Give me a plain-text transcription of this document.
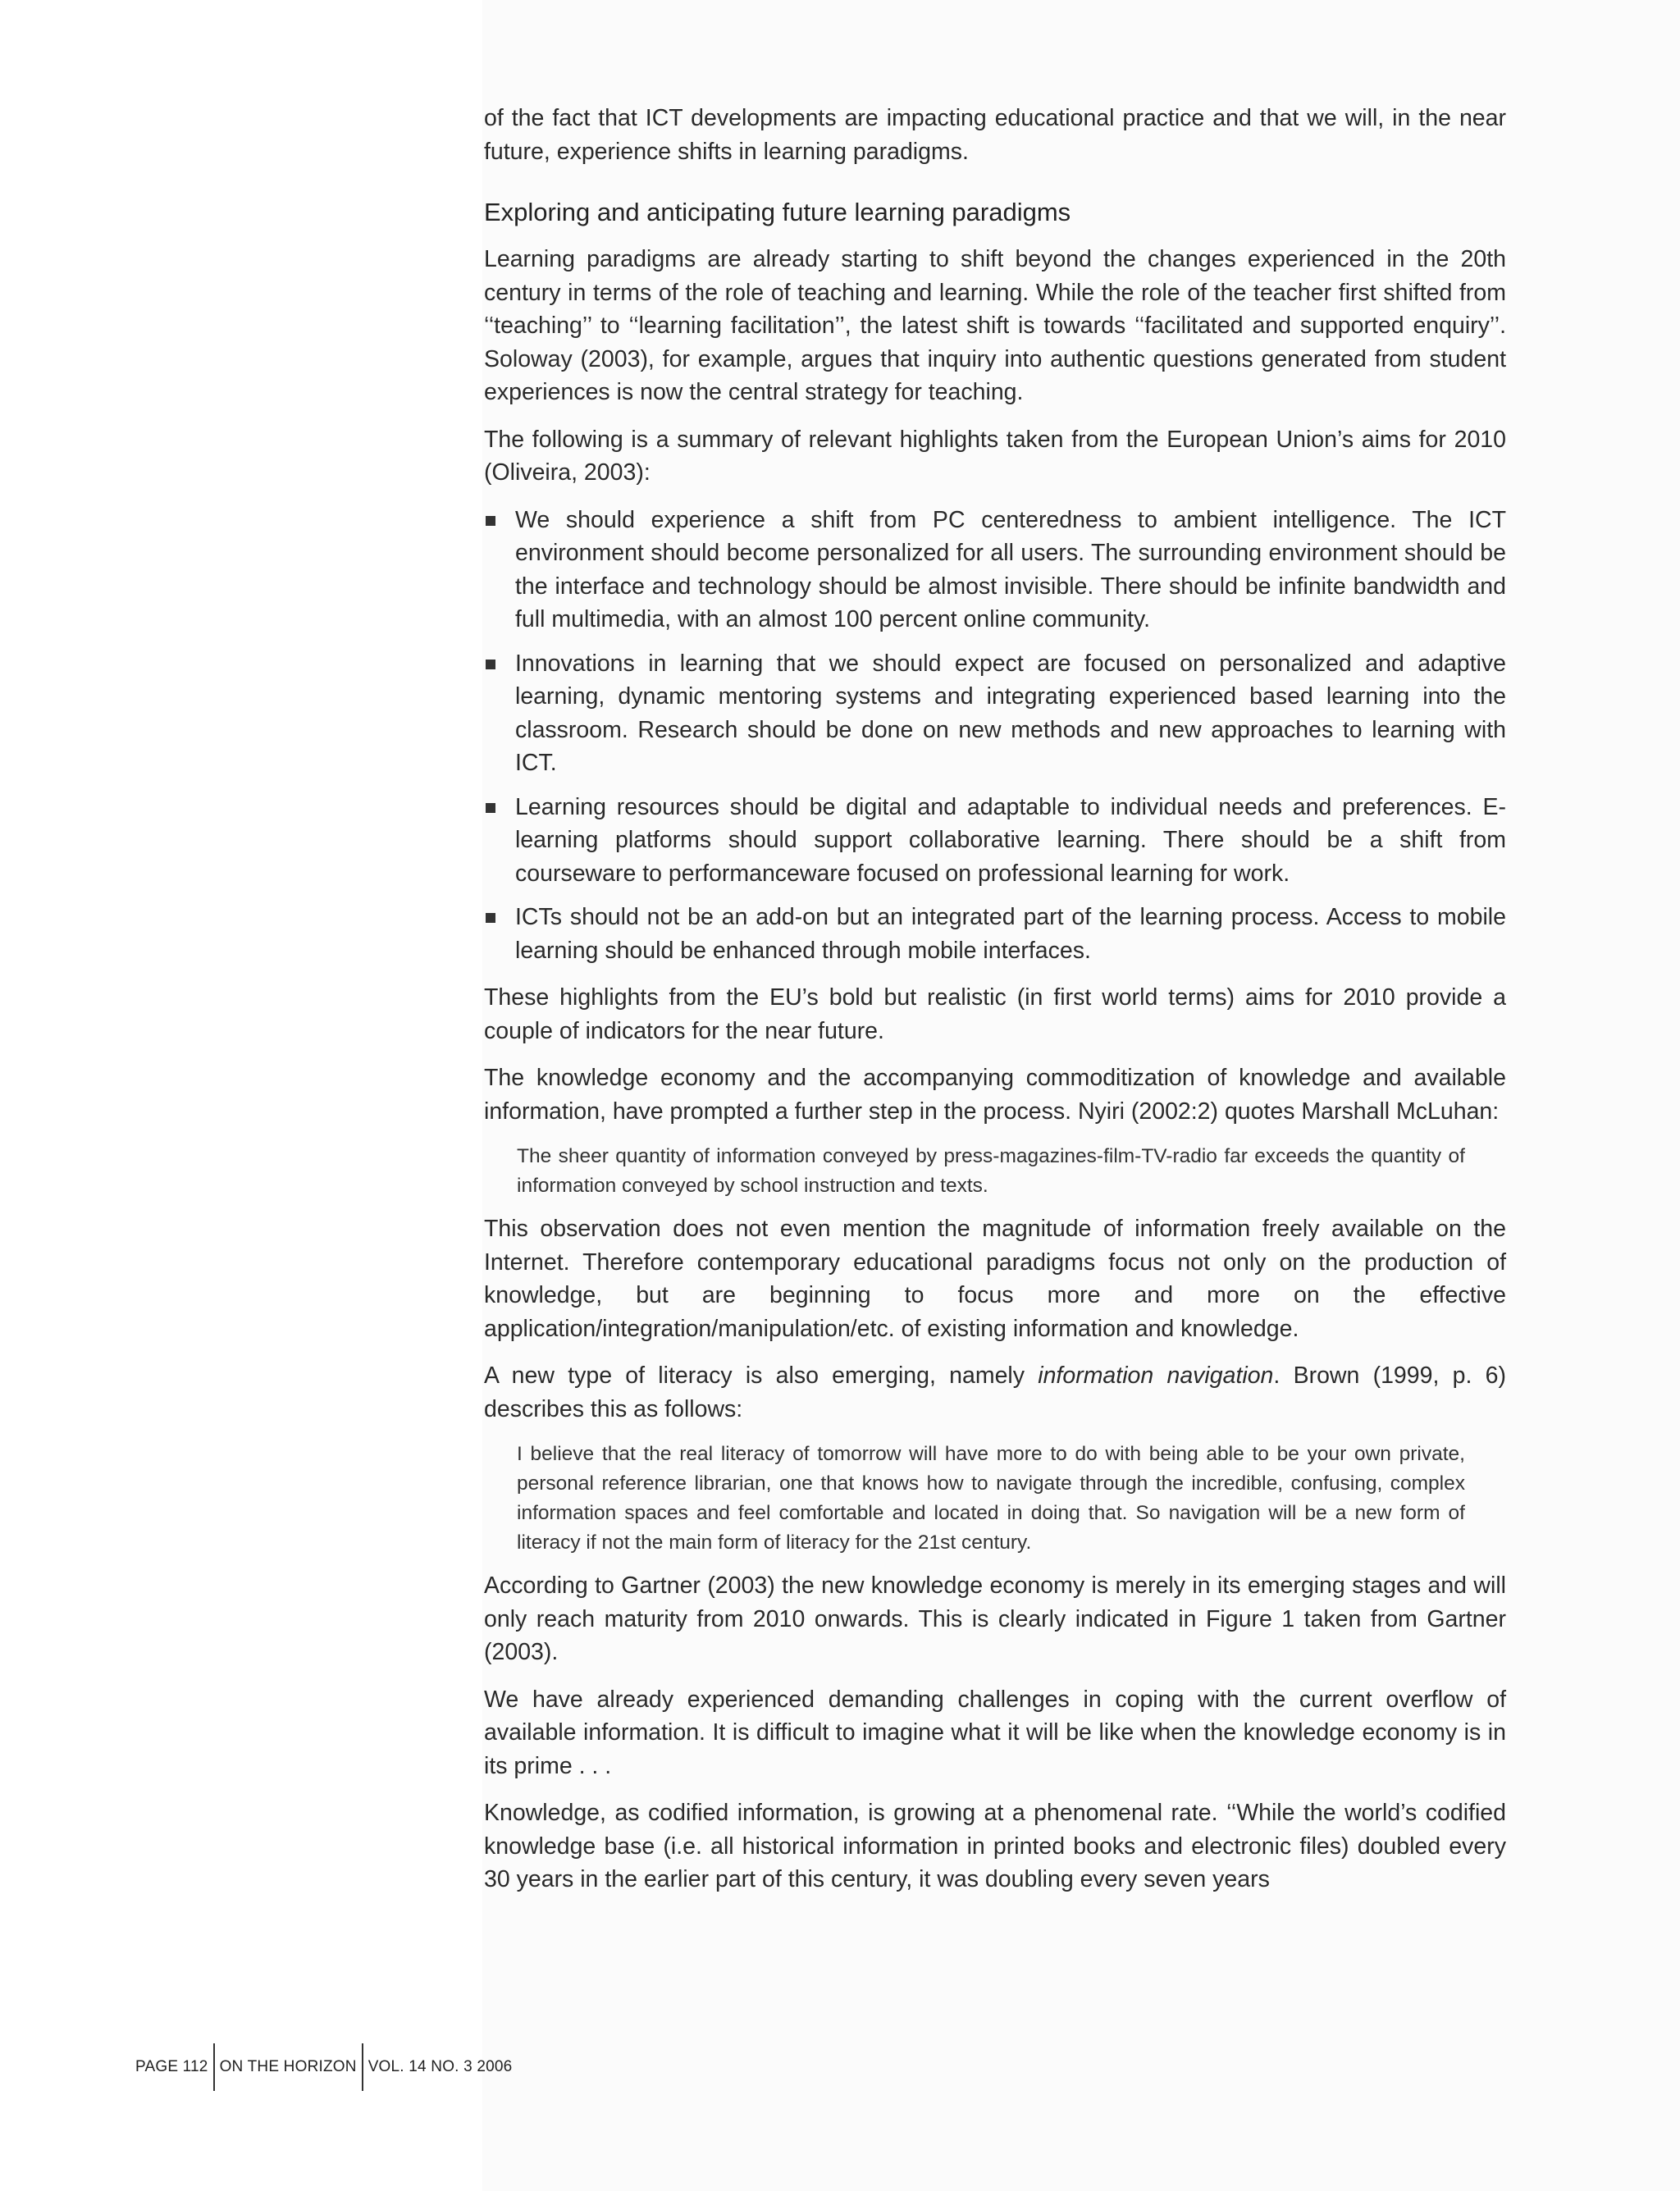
of the fact that ICT developments are impacting educational practice and that we will, in the near future, experience shifts in learning paradigms.

Exploring and anticipating future learning paradigms

Learning paradigms are already starting to shift beyond the changes experienced in the 20th century in terms of the role of teaching and learning. While the role of the teacher first shifted from ‘‘teaching’’ to ‘‘learning facilitation’’, the latest shift is towards ‘‘facilitated and supported enquiry’’. Soloway (2003), for example, argues that inquiry into authentic questions generated from student experiences is now the central strategy for teaching.

The following is a summary of relevant highlights taken from the European Union’s aims for 2010 (Oliveira, 2003):

We should experience a shift from PC centeredness to ambient intelligence. The ICT environment should become personalized for all users. The surrounding environment should be the interface and technology should be almost invisible. There should be infinite bandwidth and full multimedia, with an almost 100 percent online community.
Innovations in learning that we should expect are focused on personalized and adaptive learning, dynamic mentoring systems and integrating experienced based learning into the classroom. Research should be done on new methods and new approaches to learning with ICT.
Learning resources should be digital and adaptable to individual needs and preferences. E-learning platforms should support collaborative learning. There should be a shift from courseware to performanceware focused on professional learning for work.
ICTs should not be an add-on but an integrated part of the learning process. Access to mobile learning should be enhanced through mobile interfaces.

These highlights from the EU’s bold but realistic (in first world terms) aims for 2010 provide a couple of indicators for the near future.

The knowledge economy and the accompanying commoditization of knowledge and available information, have prompted a further step in the process. Nyiri (2002:2) quotes Marshall McLuhan:

The sheer quantity of information conveyed by press-magazines-film-TV-radio far exceeds the quantity of information conveyed by school instruction and texts.

This observation does not even mention the magnitude of information freely available on the Internet. Therefore contemporary educational paradigms focus not only on the production of knowledge, but are beginning to focus more and more on the effective application/integration/manipulation/etc. of existing information and knowledge.

A new type of literacy is also emerging, namely information navigation. Brown (1999, p. 6) describes this as follows:

I believe that the real literacy of tomorrow will have more to do with being able to be your own private, personal reference librarian, one that knows how to navigate through the incredible, confusing, complex information spaces and feel comfortable and located in doing that. So navigation will be a new form of literacy if not the main form of literacy for the 21st century.

According to Gartner (2003) the new knowledge economy is merely in its emerging stages and will only reach maturity from 2010 onwards. This is clearly indicated in Figure 1 taken from Gartner (2003).

We have already experienced demanding challenges in coping with the current overflow of available information. It is difficult to imagine what it will be like when the knowledge economy is in its prime . . .

Knowledge, as codified information, is growing at a phenomenal rate. ‘‘While the world’s codified knowledge base (i.e. all historical information in printed books and electronic files) doubled every 30 years in the earlier part of this century, it was doubling every seven years

PAGE 112 ON THE HORIZON VOL. 14 NO. 3 2006
